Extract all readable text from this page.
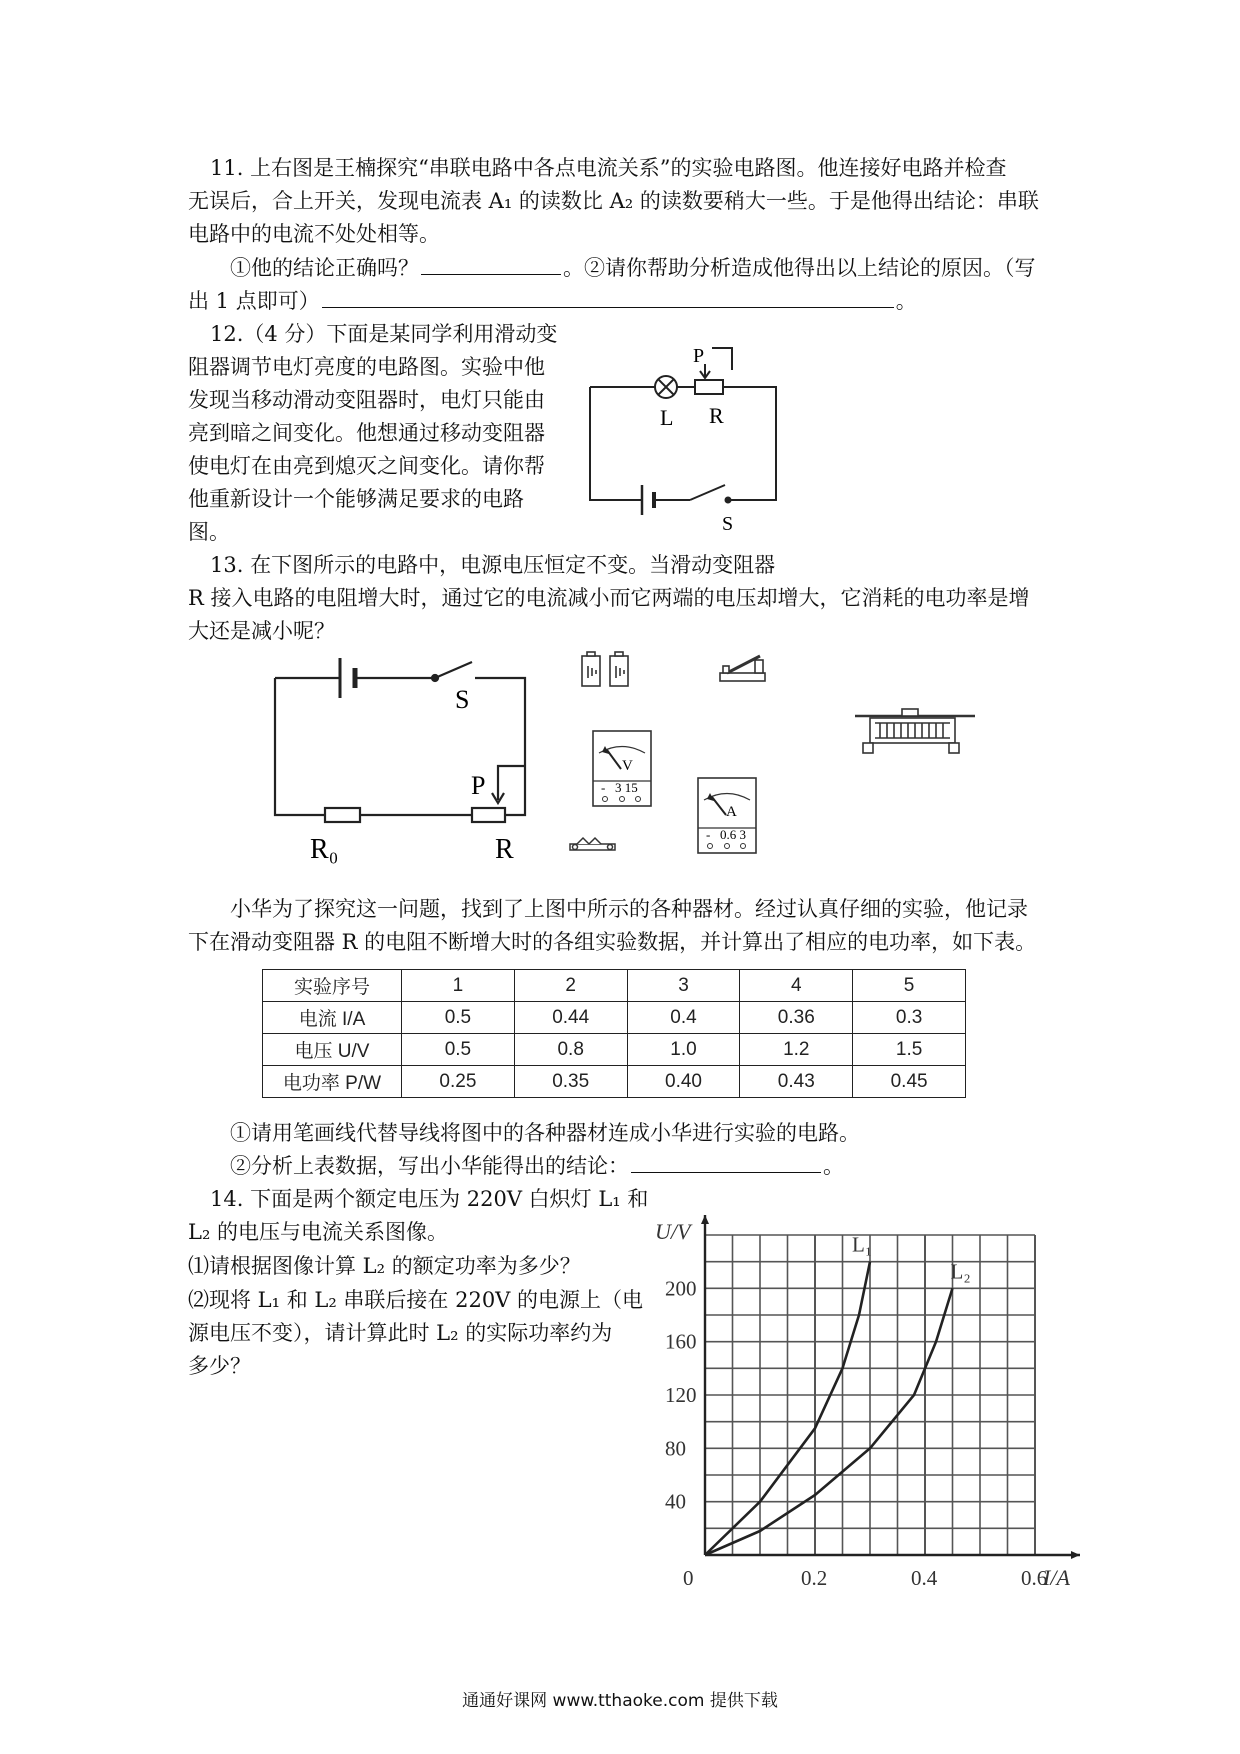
11. 上右图是王楠探究“串联电路中各点电流关系”的实验电路图。他连接好电路并检查
无误后，合上开关，发现电流表 A₁ 的读数比 A₂ 的读数要稍大一些。于是他得出结论：串联
电路中的电流不处处相等。
①他的结论正确吗？	。②请你帮助分析造成他得出以上结论的原因。（写
出 1 点即可）	。
12.（4 分）下面是某同学利用滑动变
阻器调节电灯亮度的电路图。实验中他
发现当移动滑动变阻器时，电灯只能由
亮到暗之间变化。他想通过移动变阻器
使电灯在由亮到熄灭之间变化。请你帮
他重新设计一个能够满足要求的电路
图。
P
L R
S
13. 在下图所示的电路中，电源电压恒定不变。当滑动变阻器
R 接入电路的电阻增大时，通过它的电流减小而它两端的电压却增大，它消耗的电功率是增
大还是减小呢？
S
P
R₀	R
V
- 3 15
A
- 0.6 3
小华为了探究这一问题，找到了上图中所示的各种器材。经过认真仔细的实验，他记录
下在滑动变阻器 R 的电阻不断增大时的各组实验数据，并计算出了相应的电功率，如下表。
实验序号	1	2	3	4	5
电流 I/A	0.5	0.44	0.4	0.36	0.3
电压 U/V	0.5	0.8	1.0	1.2	1.5
电功率 P/W	0.25	0.35	0.40	0.43	0.45
①请用笔画线代替导线将图中的各种器材连成小华进行实验的电路。
②分析上表数据，写出小华能得出的结论：	。
14. 下面是两个额定电压为 220V 白炽灯 L₁ 和
L₂ 的电压与电流关系图像。
⑴请根据图像计算 L₂ 的额定功率为多少？
⑵现将 L₁ 和 L₂ 串联后接在 220V 的电源上（电
源电压不变），请计算此时 L₂ 的实际功率约为
多少？
0.2	0.4	0.6
40
80
120
160
200
0	I/A
U/V
L₁
L₂
通通好课网 www.tthaoke.com 提供下载
